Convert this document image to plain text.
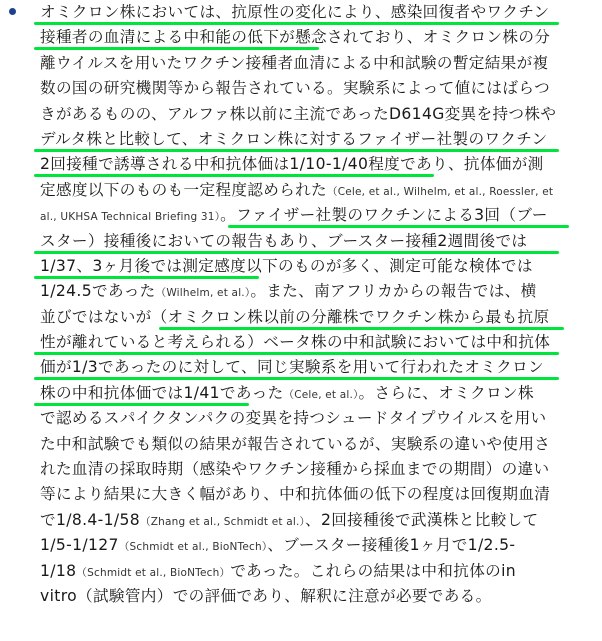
オミクロン株においては、抗原性の変化により、感染回復者やワクチン
接種者の血清による中和能の低下が懸念されており、オミクロン株の分
離ウイルスを用いたワクチン接種者血清による中和試験の暫定結果が複
数の国の研究機関等から報告されている。実験系によって値にはばらつ
きがあるものの、アルファ株以前に主流であったD614G変異を持つ株や
デルタ株と比較して、オミクロン株に対するファイザー社製のワクチン
2回接種で誘導される中和抗体価は1/10-1/40程度であり、抗体価が測
定感度以下のものも一定程度認められた（Cele, et al., Wilhelm, et al., Roessler, et
al., UKHSA Technical Briefing 31）。ファイザー社製のワクチンによる3回（ブー
スター）接種後においての報告もあり、ブースター接種2週間後では
1/37、3ヶ月後では測定感度以下のものが多く、測定可能な検体では
1/24.5であった（Wilhelm, et al.）。また、南アフリカからの報告では、横
並びではないが（オミクロン株以前の分離株でワクチン株から最も抗原
性が離れていると考えられる）ベータ株の中和試験においては中和抗体
価が1/3であったのに対して、同じ実験系を用いて行われたオミクロン
株の中和抗体価では1/41であった（Cele, et al.）。さらに、オミクロン株
で認めるスパイクタンパクの変異を持つシュードタイプウイルスを用い
た中和試験でも類似の結果が報告されているが、実験系の違いや使用さ
れた血清の採取時期（感染やワクチン接種から採血までの期間）の違い
等により結果に大きく幅があり、中和抗体価の低下の程度は回復期血清
で1/8.4-1/58（Zhang et al., Schmidt et al.）、2回接種後で武漢株と比較して
1/5-1/127（Schmidt et al., BioNTech）、ブースター接種後1ヶ月で1/2.5-
1/18（Schmidt et al., BioNTech）であった。これらの結果は中和抗体のin
vitro（試験管内）での評価であり、解釈に注意が必要である。
